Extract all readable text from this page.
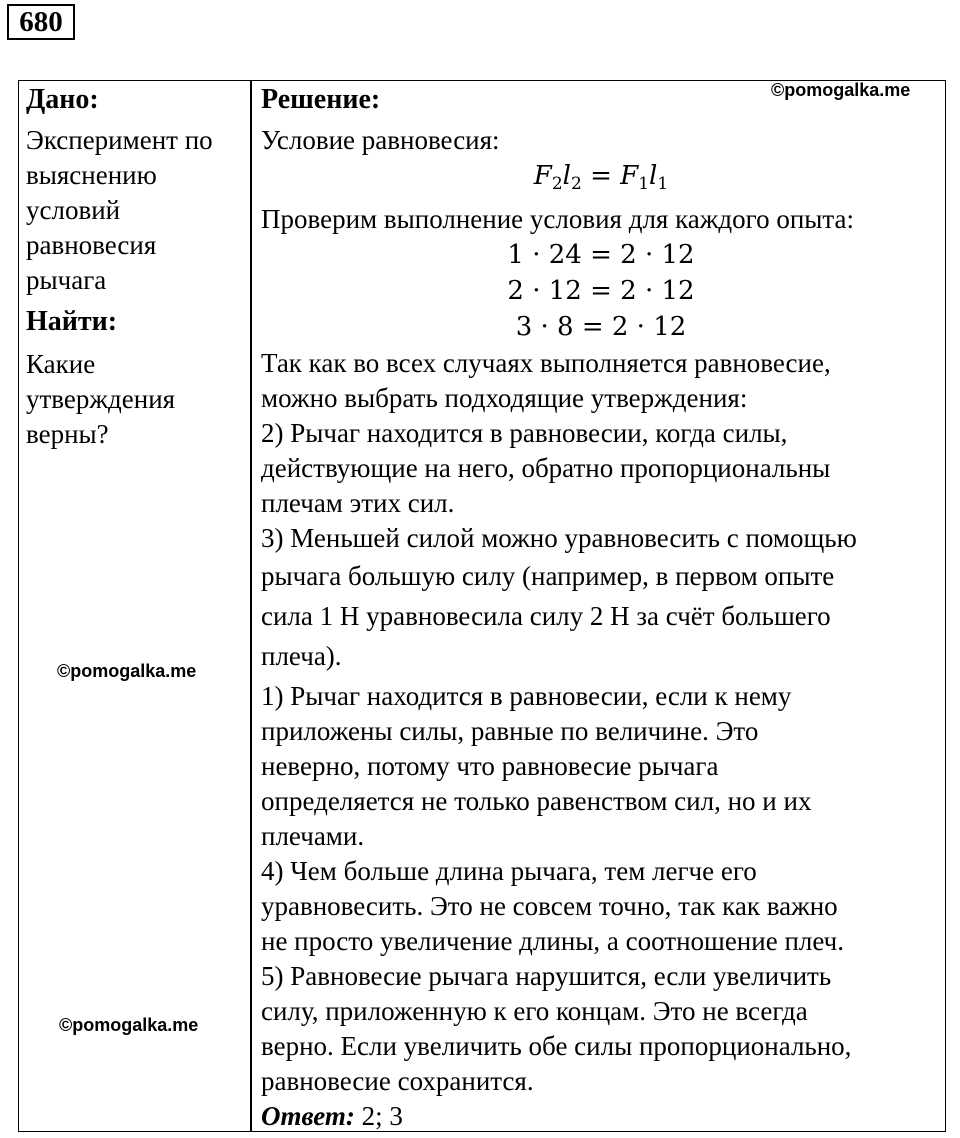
680
©pomogalka.me
©pomogalka.me
©pomogalka.me

Дано:

Эксперимент по

выяснению

условий

равновесия

рычага

Найти:

Какие

утверждения

верны?

Решение:

Условие равновесия:

$F_2l_2 = F_1l_1$

Проверим выполнение условия для каждого опыта:

1 · 24 = 2 · 12

2 · 12 = 2 · 12

3 · 8 = 2 · 12

Так как во всех случаях выполняется равновесие,

можно выбрать подходящие утверждения:

2) Рычаг находится в равновесии, когда силы,

действующие на него, обратно пропорциональны

плечам этих сил.

3) Меньшей силой можно уравновесить с помощью

рычага большую силу (например, в первом опыте

сила 1 Н уравновесила силу 2 Н за счёт большего

плеча).

1) Рычаг находится в равновесии, если к нему

приложены силы, равные по величине. Это

неверно, потому что равновесие рычага

определяется не только равенством сил, но и их

плечами.

4) Чем больше длина рычага, тем легче его

уравновесить. Это не совсем точно, так как важно

не просто увеличение длины, а соотношение плеч.

5) Равновесие рычага нарушится, если увеличить

силу, приложенную к его концам. Это не всегда

верно. Если увеличить обе силы пропорционально,

равновесие сохранится.

Ответ: 2; 3
